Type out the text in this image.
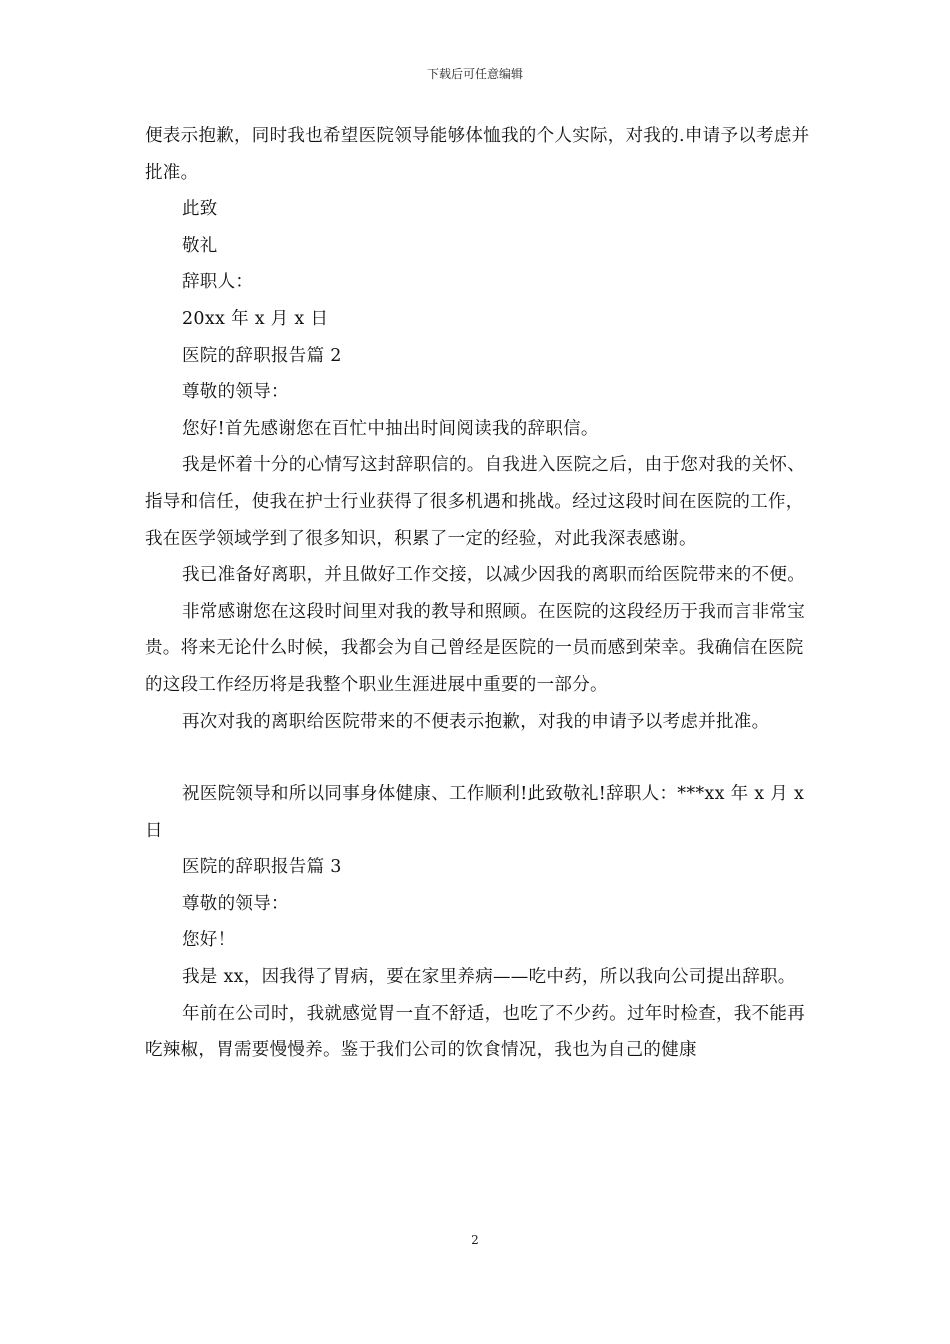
下载后可任意编辑

便表示抱歉，同时我也希望医院领导能够体恤我的个人实际，对我的.申请予以考虑并批准。

此致

敬礼

辞职人：

20xx 年 x 月 x 日

医院的辞职报告篇 2

尊敬的领导：

您好!首先感谢您在百忙中抽出时间阅读我的辞职信。

我是怀着十分的心情写这封辞职信的。自我进入医院之后，由于您对我的关怀、指导和信任，使我在护士行业获得了很多机遇和挑战。经过这段时间在医院的工作，我在医学领域学到了很多知识，积累了一定的经验，对此我深表感谢。

我已准备好离职，并且做好工作交接，以减少因我的离职而给医院带来的不便。

非常感谢您在这段时间里对我的教导和照顾。在医院的这段经历于我而言非常宝贵。将来无论什么时候，我都会为自己曾经是医院的一员而感到荣幸。我确信在医院的这段工作经历将是我整个职业生涯进展中重要的一部分。

再次对我的离职给医院带来的不便表示抱歉，对我的申请予以考虑并批准。

祝医院领导和所以同事身体健康、工作顺利!此致敬礼!辞职人：***xx 年 x 月 x 日

医院的辞职报告篇 3

尊敬的领导：

您好！

我是 xx，因我得了胃病，要在家里养病——吃中药，所以我向公司提出辞职。

年前在公司时，我就感觉胃一直不舒适，也吃了不少药。过年时检查，我不能再吃辣椒，胃需要慢慢养。鉴于我们公司的饮食情况，我也为自己的健康

2
